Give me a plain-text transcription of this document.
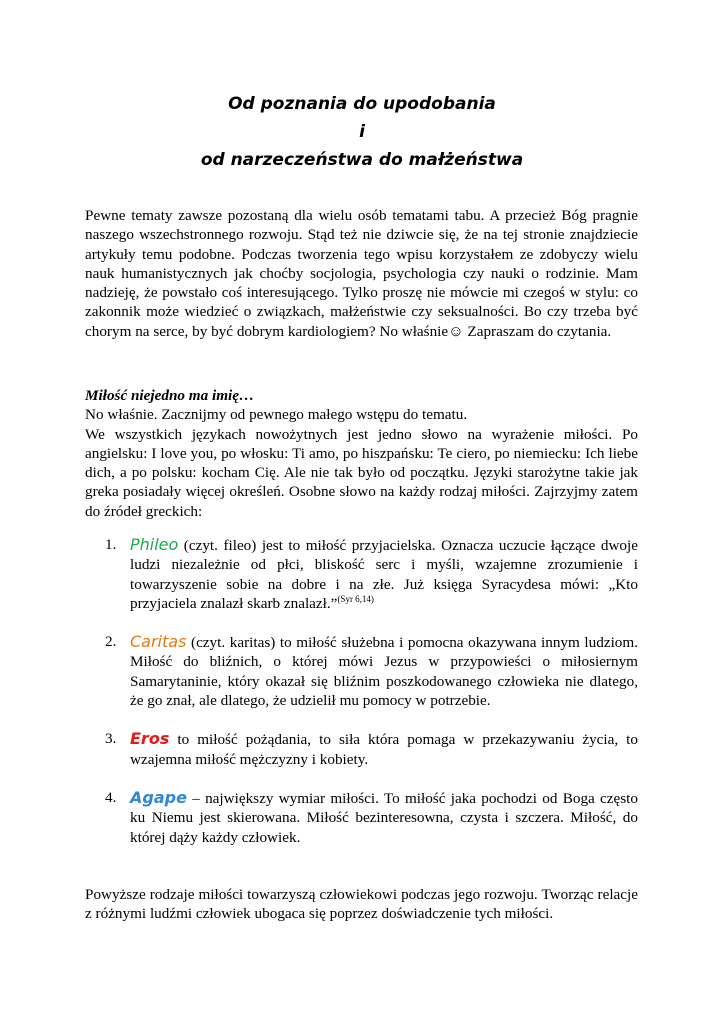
Od poznania do upodobania
i
od narzeczeństwa do małżeństwa

Pewne tematy zawsze pozostaną dla wielu osób tematami tabu. A przecież Bóg pragnie naszego wszechstronnego rozwoju. Stąd też nie dziwcie się, że na tej stronie znajdziecie artykuły temu podobne. Podczas tworzenia tego wpisu korzystałem ze zdobyczy wielu nauk humanistycznych jak choćby socjologia, psychologia czy nauki o rodzinie. Mam nadzieję, że powstało coś interesującego. Tylko proszę nie mówcie mi czegoś w stylu: co zakonnik może wiedzieć o związkach, małżeństwie czy seksualności. Bo czy trzeba być chorym na serce, by być dobrym kardiologiem? No właśnie☺ Zapraszam do czytania.

Miłość niejedno ma imię…
No właśnie. Zacznijmy od pewnego małego wstępu do tematu.
We wszystkich językach nowożytnych jest jedno słowo na wyrażenie miłości. Po angielsku: I love you, po włosku: Ti amo, po hiszpańsku: Te ciero, po niemiecku: Ich liebe dich, a po polsku: kocham Cię. Ale nie tak było od początku. Języki starożytne takie jak greka posiadały więcej określeń. Osobne słowo na każdy rodzaj miłości. Zajrzyjmy zatem do źródeł greckich:
1. Phileo (czyt. fileo) jest to miłość przyjacielska. Oznacza uczucie łączące dwoje ludzi niezależnie od płci, bliskość serc i myśli, wzajemne zrozumienie i towarzyszenie sobie na dobre i na złe. Już księga Syracydesa mówi: „Kto przyjaciela znalazł skarb znalazł.”$^{(Syr 6,14)}$
2. Caritas (czyt. karitas) to miłość służebna i pomocna okazywana innym ludziom. Miłość do bliźnich, o której mówi Jezus w przypowieści o miłosiernym Samarytaninie, który okazał się bliźnim poszkodowanego człowieka nie dlatego, że go znał, ale dlatego, że udzielił mu pomocy w potrzebie.
3. Eros to miłość pożądania, to siła która pomaga w przekazywaniu życia, to wzajemna miłość mężczyzny i kobiety.
4. Agape – największy wymiar miłości. To miłość jaka pochodzi od Boga często ku Niemu jest skierowana. Miłość bezinteresowna, czysta i szczera. Miłość, do której dąży każdy człowiek.

Powyższe rodzaje miłości towarzyszą człowiekowi podczas jego rozwoju. Tworząc relacje z różnymi ludźmi człowiek ubogaca się poprzez doświadczenie tych miłości.
